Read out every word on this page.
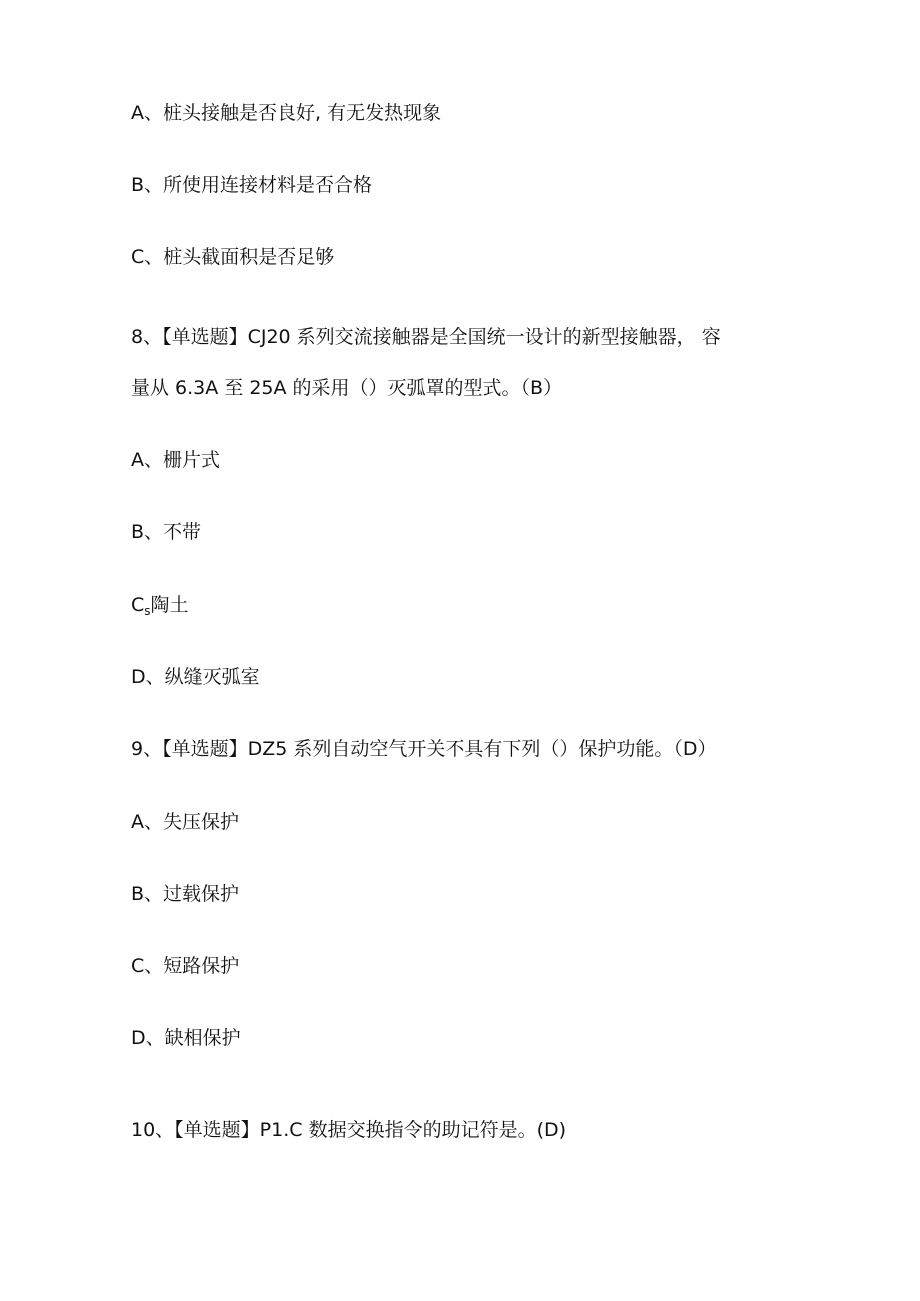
A、桩头接触是否良好, 有无发热现象

B、所使用连接材料是否合格

C、桩头截面积是否足够

8、【单选题】CJ20 系列交流接触器是全国统一设计的新型接触器， 容

量从 6.3A 至 25A 的采用（）灭弧罩的型式。（B）

A、栅片式

B、不带

$C_s$陶土

D、纵缝灭弧室

9、【单选题】DZ5 系列自动空气开关不具有下列（）保护功能。（D）

A、失压保护

B、过载保护

C、短路保护

D、缺相保护

10、【单选题】P1.C 数据交换指令的助记符是。(D)
